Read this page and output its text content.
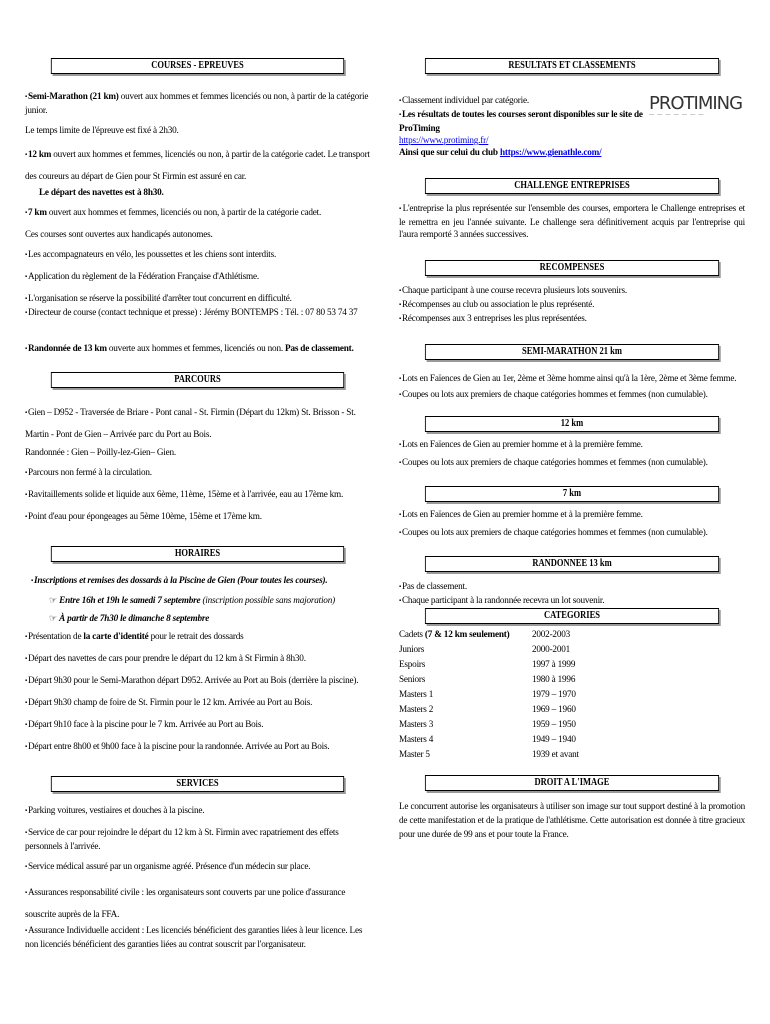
COURSES - EPREUVES

▪Semi-Marathon (21 km) ouvert aux hommes et femmes licenciés ou non, à partir de la catégorie junior.

Le temps limite de l'épreuve est fixé à 2h30.

▪12 km ouvert aux hommes et femmes, licenciés ou non, à partir de la catégorie cadet. Le transport des coureurs au départ de Gien pour St Firmin est assuré en car.

Le départ des navettes est à 8h30.

▪7 km ouvert aux hommes et femmes, licenciés ou non, à partir de la catégorie cadet.

Ces courses sont ouvertes aux handicapés autonomes.

▪Les accompagnateurs en vélo, les poussettes et les chiens sont interdits.

▪Application du règlement de la Fédération Française d'Athlétisme.

▪L'organisation se réserve la possibilité d'arrêter tout concurrent en difficulté.

▪Directeur de course (contact technique et presse) : Jérémy BONTEMPS : Tél. : 07 80 53 74 37

▪Randonnée de 13 km ouverte aux hommes et femmes, licenciés ou non. Pas de classement.

PARCOURS

▪Gien – D952 - Traversée de Briare - Pont canal - St. Firmin (Départ du 12km) St. Brisson - St. Martin - Pont de Gien – Arrivée parc du Port au Bois.

Randonnée : Gien – Poilly-lez-Gien– Gien.

▪Parcours non fermé à la circulation.

▪Ravitaillements solide et liquide aux 6ème, 11ème, 15ème et à l'arrivée, eau au 17ème km.

▪Point d'eau pour épongeages au 5ème 10ème, 15ème et 17ème km.

HORAIRES

▪Inscriptions et remises des dossards à la Piscine de Gien (Pour toutes les courses).

☞ Entre 16h et 19h le samedi 7 septembre (inscription possible sans majoration)

☞ À partir de 7h30 le dimanche 8 septembre

▪Présentation de la carte d'identité pour le retrait des dossards

▪Départ des navettes de cars pour prendre le départ du 12 km à St Firmin à 8h30.

▪Départ 9h30 pour le Semi-Marathon départ D952. Arrivée au Port au Bois (derrière la piscine).

▪Départ 9h30 champ de foire de St. Firmin pour le 12 km. Arrivée au Port au Bois.

▪Départ 9h10 face à la piscine pour le 7 km. Arrivée au Port au Bois.

▪Départ entre 8h00 et 9h00 face à la piscine pour la randonnée. Arrivée au Port au Bois.

SERVICES

▪Parking voitures, vestiaires et douches à la piscine.

▪Service de car pour rejoindre le départ du 12 km à St. Firmin avec rapatriement des effets personnels à l'arrivée.

▪Service médical assuré par un organisme agréé. Présence d'un médecin sur place.

▪Assurances responsabilité civile : les organisateurs sont couverts par une police d'assurance souscrite auprès de la FFA.

▪Assurance Individuelle accident : Les licenciés bénéficient des garanties liées à leur licence. Les non licenciés bénéficient des garanties liées au contrat souscrit par l'organisateur.

RESULTATS ET CLASSEMENTS

▪Classement individuel par catégorie.

▪Les résultats de toutes les courses seront disponibles sur le site de ProTiming

https://www.protiming.fr/

Ainsi que sur celui du club https://www.gienathle.com/

PROTIMING
— — — — — — —
CHALLENGE ENTREPRISES

▪L'entreprise la plus représentée sur l'ensemble des courses, emportera le Challenge entreprises et le remettra en jeu l'année suivante. Le challenge sera définitivement acquis par l'entreprise qui l'aura remporté 3 années successives.

RECOMPENSES

▪Chaque participant à une course recevra plusieurs lots souvenirs.

▪Récompenses au club ou association le plus représenté.

▪Récompenses aux 3 entreprises les plus représentées.

SEMI-MARATHON 21 km

▪Lots en Faïences de Gien au 1er, 2ème et 3ème homme ainsi qu'à la 1ère, 2ème et 3ème femme.

▪Coupes ou lots aux premiers de chaque catégories hommes et femmes (non cumulable).

12 km

▪Lots en Faïences de Gien au premier homme et à la première femme.

▪Coupes ou lots aux premiers de chaque catégories hommes et femmes (non cumulable).

7 km

▪Lots en Faïences de Gien au premier homme et à la première femme.

▪Coupes ou lots aux premiers de chaque catégories hommes et femmes (non cumulable).

RANDONNEE 13 km

▪Pas de classement.

▪Chaque participant à la randonnée recevra un lot souvenir.

CATEGORIES
Cadets (7 & 12 km seulement)	2002-2003
Juniors	2000-2001
Espoirs	1997 à 1999
Seniors	1980 à 1996
Masters 1	1979 – 1970
Masters 2	1969 – 1960
Masters 3	1959 – 1950
Masters 4	1949 – 1940
Master 5	1939 et avant
DROIT A L'IMAGE

Le concurrent autorise les organisateurs à utiliser son image sur tout support destiné à la promotion de cette manifestation et de la pratique de l'athlétisme. Cette autorisation est donnée à titre gracieux pour une durée de 99 ans et pour toute la France.
